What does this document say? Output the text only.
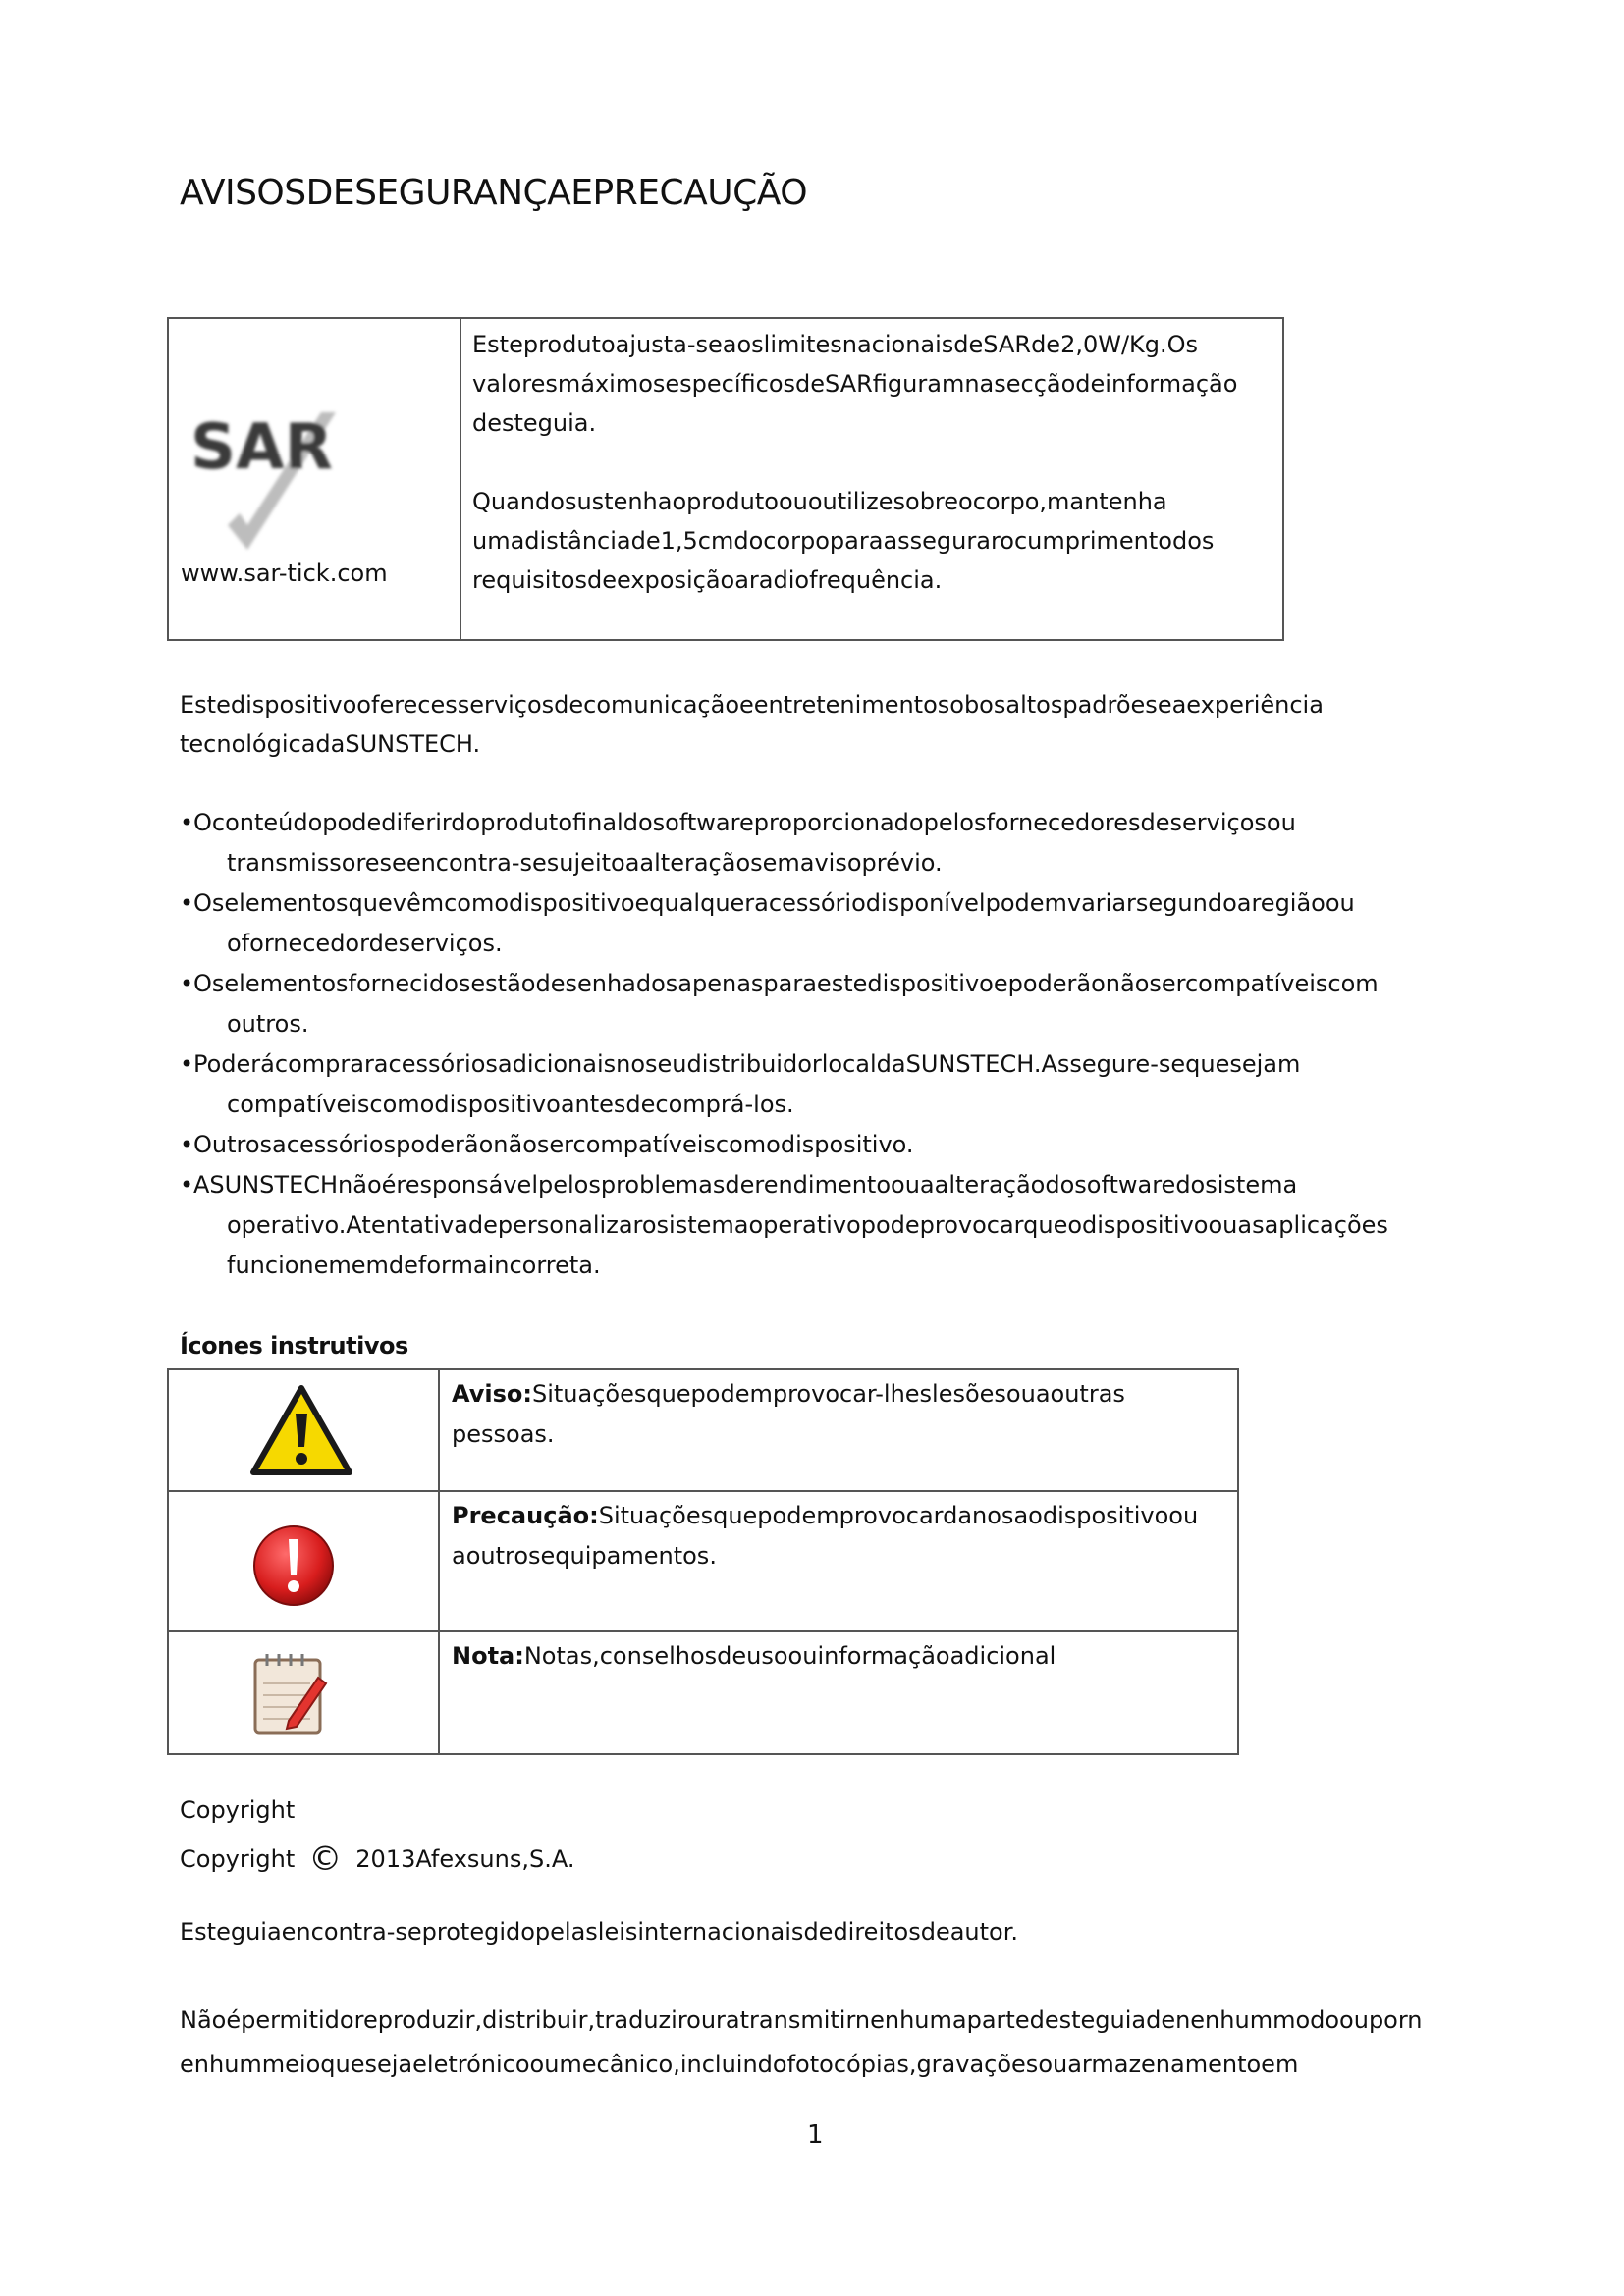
AVISOSDESEGURANÇAEPRECAUÇÃO
SAR
www.sar-tick.com

Esteprodutoajusta-seaoslimitesnacionaisdeSARde2,0W/Kg.Os valoresmáximosespecíficosdeSARfiguramnasecçãodeinformação desteguia.

Quandosustenhaoprodutoououtilizesobreocorpo,mantenha umadistânciade1,5cmdocorpoparaassegurarocumprimentodos requisitosdeexposiçãoaradiofrequência.

Estedispositivooferecesserviçosdecomunicaçãoeentretenimentosobosaltospadrõeseaexperiência tecnológicadaSUNSTECH.

•Oconteúdopodediferirdoprodutofinaldosoftwareproporcionadopelosfornecedoresdeserviçosou transmissoreseencontra-sesujeitoaalteraçãosemavisoprévio.
•Oselementosquevêmcomodispositivoequalqueracessóriodisponívelpodemvariarsegundoaregiãoou ofornecedordeserviços.
•Oselementosfornecidosestãodesenhadosapenasparaestedispositivoepoderãonãosercompatíveiscom outros.
•PoderácompraracessóriosadicionaisnoseudistribuidorlocaldaSUNSTECH.Assegure-sequesejam compatíveiscomodispositivoantesdecomprá-los.
•Outrosacessóriospoderãonãosercompatíveiscomodispositivo.
•ASUNSTECHnãoéresponsávelpelosproblemasderendimentoouaalteraçãodosoftwaredosistema operativo.Atentativadepersonalizarosistemaoperativopodeprovocarqueodispositivoouasaplicações funcionememdeformaincorreta.
Ícones instrutivos
Aviso:Situaçõesquepodemprovocar-lheslesõesouaoutras pessoas.
Precaução:Situaçõesquepodemprovocardanosaodispositivoou aoutrosequipamentos.
Nota:Notas,conselhosdeusoouinformaçãoadicional

Copyright

Copyright © 2013Afexsuns,S.A.

Esteguiaencontra-seprotegidopelasleisinternacionaisdedireitosdeautor.

Nãoépermitidoreproduzir,distribuir,traduzirouratransmitirnenhumapartedesteguiadenenhummodoouporn enhummeioquesejaeletrónicooumecânico,incluindofotocópias,gravaçõesouarmazenamentoem

1
